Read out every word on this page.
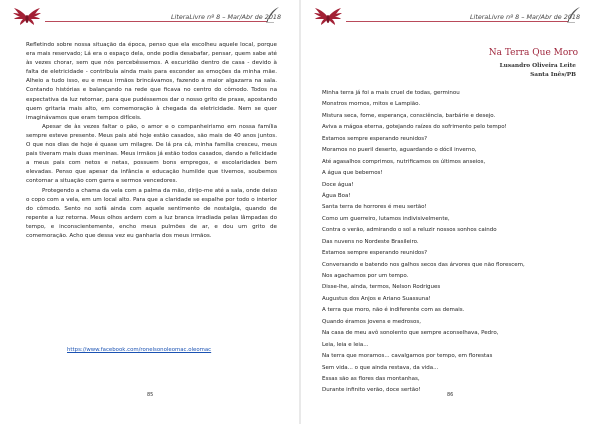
LiteraLivre nº 8 – Mar/Abr de 2018

Refletindo sobre nossa situação da época, penso que ela escolheu aquele local, porque era mais reservado; Lá era o espaço dela, onde podia desabafar, pensar, quem sabe até às vezes chorar, sem que nós percebêssemos. A escuridão dentro de casa - devido à falta de eletricidade - contribuía ainda mais para esconder as emoções da minha mãe. Alheio a tudo isso, eu e meus irmãos brincávamos, fazendo a maior algazarra na sala. Contando histórias e balançando na rede que ficava no centro do cômodo. Todos na expectativa da luz retornar, para que pudéssemos dar o nosso grito de praxe, apostando quem gritaria mais alto, em comemoração à chegada da eletricidade. Nem se quer imaginávamos que eram tempos difíceis.

Apesar de às vezes faltar o pão, o amor e o companheirismo em nossa família sempre esteve presente. Meus pais até hoje estão casados, são mais de 40 anos juntos. O que nos dias de hoje é quase um milagre. De lá pra cá, minha família cresceu, meus pais tiveram mais duas meninas. Meus irmãos já estão todos casados, dando a felicidade a meus pais com netos e netas, possuem bons empregos, e escolaridades bem elevadas. Penso que apesar da infância e educação humilde que tivemos, soubemos contornar a situação com garra e sermos vencedores.

Protegendo a chama da vela com a palma da mão, dirijo-me até a sala, onde deixo o copo com a vela, em um local alto. Para que a claridade se espalhe por todo o interior do cômodo. Sento no sofá ainda com aquele sentimento de nostalgia, quando de repente a luz retorna. Meus olhos ardem com a luz branca irradiada pelas lâmpadas do tempo, e inconscientemente, encho meus pulmões de ar, e dou um grito de comemoração. Acho que dessa vez eu ganharia dos meus irmãos.

https://www.facebook.com/ronelsonoleomac.oleomac
85
LiteraLivre nº 8 – Mar/Abr de 2018
Na Terra Que Moro
Lusandro Oliveira Leite
Santa Inês/PB
Minha terra já foi a mais cruel de todas, germinou
Monstros mornos, mitos e Lampião.
Mistura seca, fome, esperança, consciência, barbárie e desejo.
Aviva a mágoa eterna, gotejando raízes do sofrimento pelo tempo!
Estamos sempre esperando reunidos?
Moramos no pueril deserto, aguardando o dócil inverno,
Até agasalhos comprimos, nutrificamos os últimos anseios,
A água que bebemos!
Doce água!
Água Boa!
Santa terra de horrores é meu sertão!
Como um guerreiro, lutamos indivisivelmente,
Contra o verão, admirando o sol a reluzir nossos sonhos caindo
Das nuvens no Nordeste Brasileiro.
Estamos sempre esperando reunidos?
Conversando e batendo nos galhos secos das árvores que não florescem,
Nos agachamos por um tempo.
Disse-lhe, ainda, termos, Nelson Rodrigues
Augustus dos Anjos e Ariano Suassuna!
A terra que moro, não é indiferente com as demais.
Quando éramos jovens e medrosos,
Na casa de meu avô sonolento que sempre aconselhava, Pedro,
Leia, leia e leia...
Na terra que moramos... cavalgamos por tempo, em florestas
Sem vida... o que ainda restava, da vida...
Essas são as flores das montanhas,
Durante infinito verão, doce sertão!
86
